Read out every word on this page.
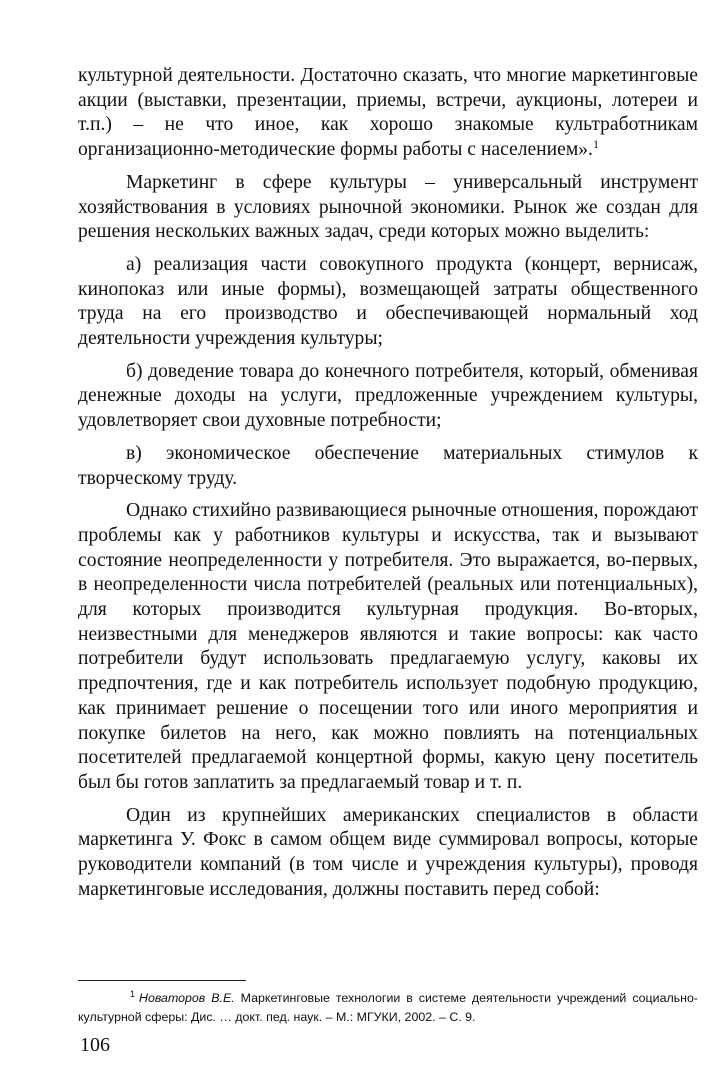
культурной деятельности. Достаточно сказать, что многие маркетинговые акции (выставки, презентации, приемы, встречи, аукционы, лотереи и т.п.) – не что иное, как хорошо знакомые культработникам организационно-методические формы работы с населением».$^1$

Маркетинг в сфере культуры – универсальный инструмент хозяйствования в условиях рыночной экономики. Рынок же создан для решения нескольких важных задач, среди которых можно выделить:

а) реализация части совокупного продукта (концерт, вернисаж, кинопоказ или иные формы), возмещающей затраты общественного труда на его производство и обеспечивающей нормальный ход деятельности учреждения культуры;

б) доведение товара до конечного потребителя, который, обменивая денежные доходы на услуги, предложенные учреждением культуры, удовлетворяет свои духовные потребности;

в) экономическое обеспечение материальных стимулов к творческому труду.

Однако стихийно развивающиеся рыночные отношения, порождают проблемы как у работников культуры и искусства, так и вызывают состояние неопределенности у потребителя. Это выражается, во-первых, в неопределенности числа потребителей (реальных или потенциальных), для которых производится культурная продукция. Во-вторых, неизвестными для менеджеров являются и такие вопросы: как часто потребители будут использовать предлагаемую услугу, каковы их предпочтения, где и как потребитель использует подобную продукцию, как принимает решение о посещении того или иного мероприятия и покупке билетов на него, как можно повлиять на потенциальных посетителей предлагаемой концертной формы, какую цену посетитель был бы готов заплатить за предлагаемый товар и т. п.

Один из крупнейших американских специалистов в области маркетинга У. Фокс в самом общем виде суммировал вопросы, которые руководители компаний (в том числе и учреждения культуры), проводя маркетинговые исследования, должны поставить перед собой:

$^1$ Новаторов В.Е. Маркетинговые технологии в системе деятельности учреждений социально-культурной сферы: Дис. … докт. пед. наук. – М.: МГУКИ, 2002. – С. 9.

106
